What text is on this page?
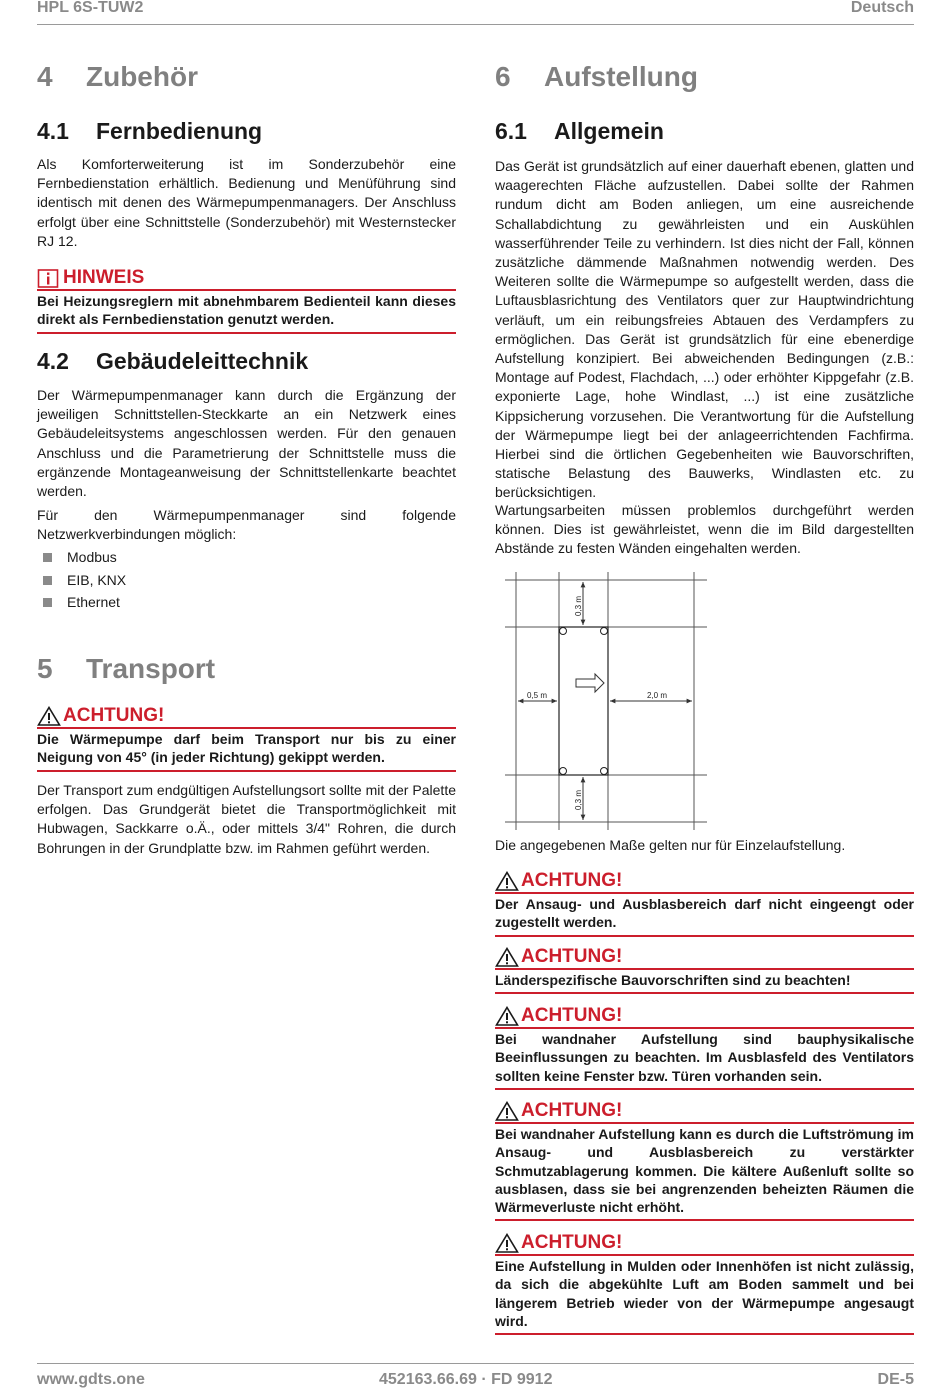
HPL 6S-TUW2	Deutsch
4 Zubehör
4.1 Fernbedienung

Als Komforterweiterung ist im Sonderzubehör eine Fernbedienstation erhältlich. Bedienung und Menüführung sind identisch mit denen des Wärmepumpenmanagers. Der Anschluss erfolgt über eine Schnittstelle (Sonderzubehör) mit Westernstecker RJ 12.

HINWEIS
Bei Heizungsreglern mit abnehmbarem Bedienteil kann dieses direkt als Fernbedienstation genutzt werden.
4.2 Gebäudeleittechnik

Der Wärmepumpenmanager kann durch die Ergänzung der jeweiligen Schnittstellen-Steckkarte an ein Netzwerk eines Gebäudeleitsystems angeschlossen werden. Für den genauen Anschluss und die Parametrierung der Schnittstelle muss die ergänzende Montageanweisung der Schnittstellenkarte beachtet werden.

Für den Wärmepumpenmanager sind folgende Netzwerkverbindungen möglich:

Modbus
EIB, KNX
Ethernet
5 Transport
ACHTUNG!
Die Wärmepumpe darf beim Transport nur bis zu einer Neigung von 45° (in jeder Richtung) gekippt werden.

Der Transport zum endgültigen Aufstellungsort sollte mit der Palette erfolgen. Das Grundgerät bietet die Transportmöglichkeit mit Hubwagen, Sackkarre o.Ä., oder mittels 3/4" Rohren, die durch Bohrungen in der Grundplatte bzw. im Rahmen geführt werden.

6 Aufstellung
6.1 Allgemein

Das Gerät ist grundsätzlich auf einer dauerhaft ebenen, glatten und waagerechten Fläche aufzustellen. Dabei sollte der Rahmen rundum dicht am Boden anliegen, um eine ausreichende Schallabdichtung zu gewährleisten und ein Auskühlen wasserführender Teile zu verhindern. Ist dies nicht der Fall, können zusätzliche dämmende Maßnahmen notwendig werden. Des Weiteren sollte die Wärmepumpe so aufgestellt werden, dass die Luftausblasrichtung des Ventilators quer zur Hauptwindrichtung verläuft, um ein reibungsfreies Abtauen des Verdampfers zu ermöglichen. Das Gerät ist grundsätzlich für eine ebenerdige Aufstellung konzipiert. Bei abweichenden Bedingungen (z.B.: Montage auf Podest, Flachdach, ...) oder erhöhter Kippgefahr (z.B. exponierte Lage, hohe Windlast, ...) ist eine zusätzliche Kippsicherung vorzusehen. Die Verantwortung für die Aufstellung der Wärmepumpe liegt bei der anlageerrichtenden Fachfirma. Hierbei sind die örtlichen Gegebenheiten wie Bauvorschriften, statische Belastung des Bauwerks, Windlasten etc. zu berücksichtigen.

Wartungsarbeiten müssen problemlos durchgeführt werden können. Dies ist gewährleistet, wenn die im Bild dargestellten Abstände zu festen Wänden eingehalten werden.

0,3 m
0,3 m
0,5 m	2,0 m

Die angegebenen Maße gelten nur für Einzelaufstellung.

ACHTUNG!
Der Ansaug- und Ausblasbereich darf nicht eingeengt oder zugestellt werden.
ACHTUNG!
Länderspezifische Bauvorschriften sind zu beachten!
ACHTUNG!
Bei wandnaher Aufstellung sind bauphysikalische Beeinflussungen zu beachten. Im Ausblasfeld des Ventilators sollten keine Fenster bzw. Türen vorhanden sein.
ACHTUNG!
Bei wandnaher Aufstellung kann es durch die Luftströmung im Ansaug- und Ausblasbereich zu verstärkter Schmutzablagerung kommen. Die kältere Außenluft sollte so ausblasen, dass sie bei angrenzenden beheizten Räumen die Wärmeverluste nicht erhöht.
ACHTUNG!
Eine Aufstellung in Mulden oder Innenhöfen ist nicht zulässig, da sich die abgekühlte Luft am Boden sammelt und bei längerem Betrieb wieder von der Wärmepumpe angesaugt wird.
www.gdts.one	452163.66.69 · FD 9912	DE-5
